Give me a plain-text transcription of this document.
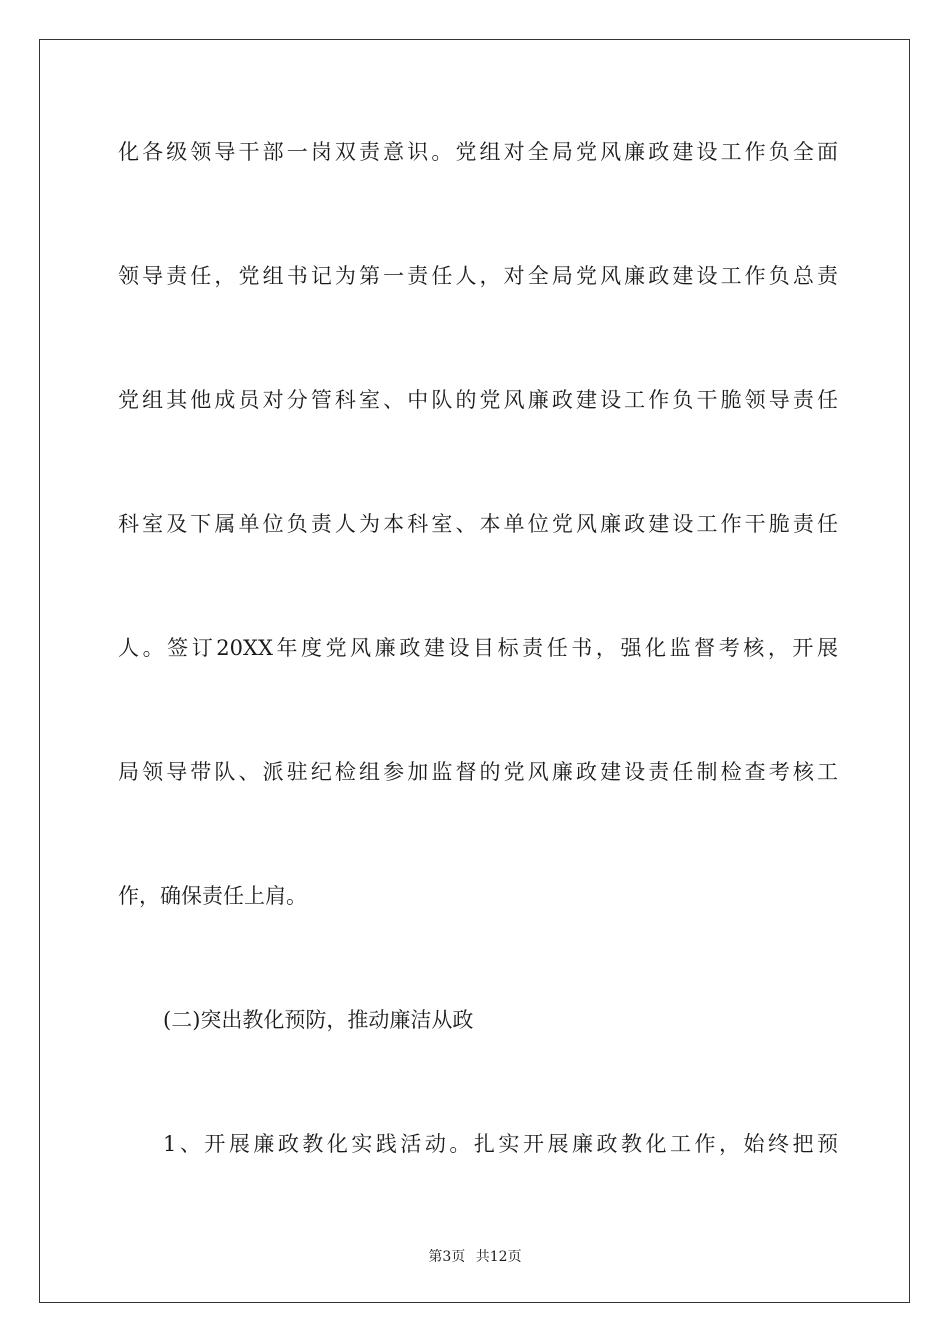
化各级领导干部一岗双责意识。党组对全局党风廉政建设工作负全面
领导责任，党组书记为第一责任人，对全局党风廉政建设工作负总责
党组其他成员对分管科室、中队的党风廉政建设工作负干脆领导责任
科室及下属单位负责人为本科室、本单位党风廉政建设工作干脆责任
人。签订20XX年度党风廉政建设目标责任书，强化监督考核，开展
局领导带队、派驻纪检组参加监督的党风廉政建设责任制检查考核工
作，确保责任上肩。
(二)突出教化预防，推动廉洁从政
1、开展廉政教化实践活动。扎实开展廉政教化工作，始终把预
第3页 共12页
